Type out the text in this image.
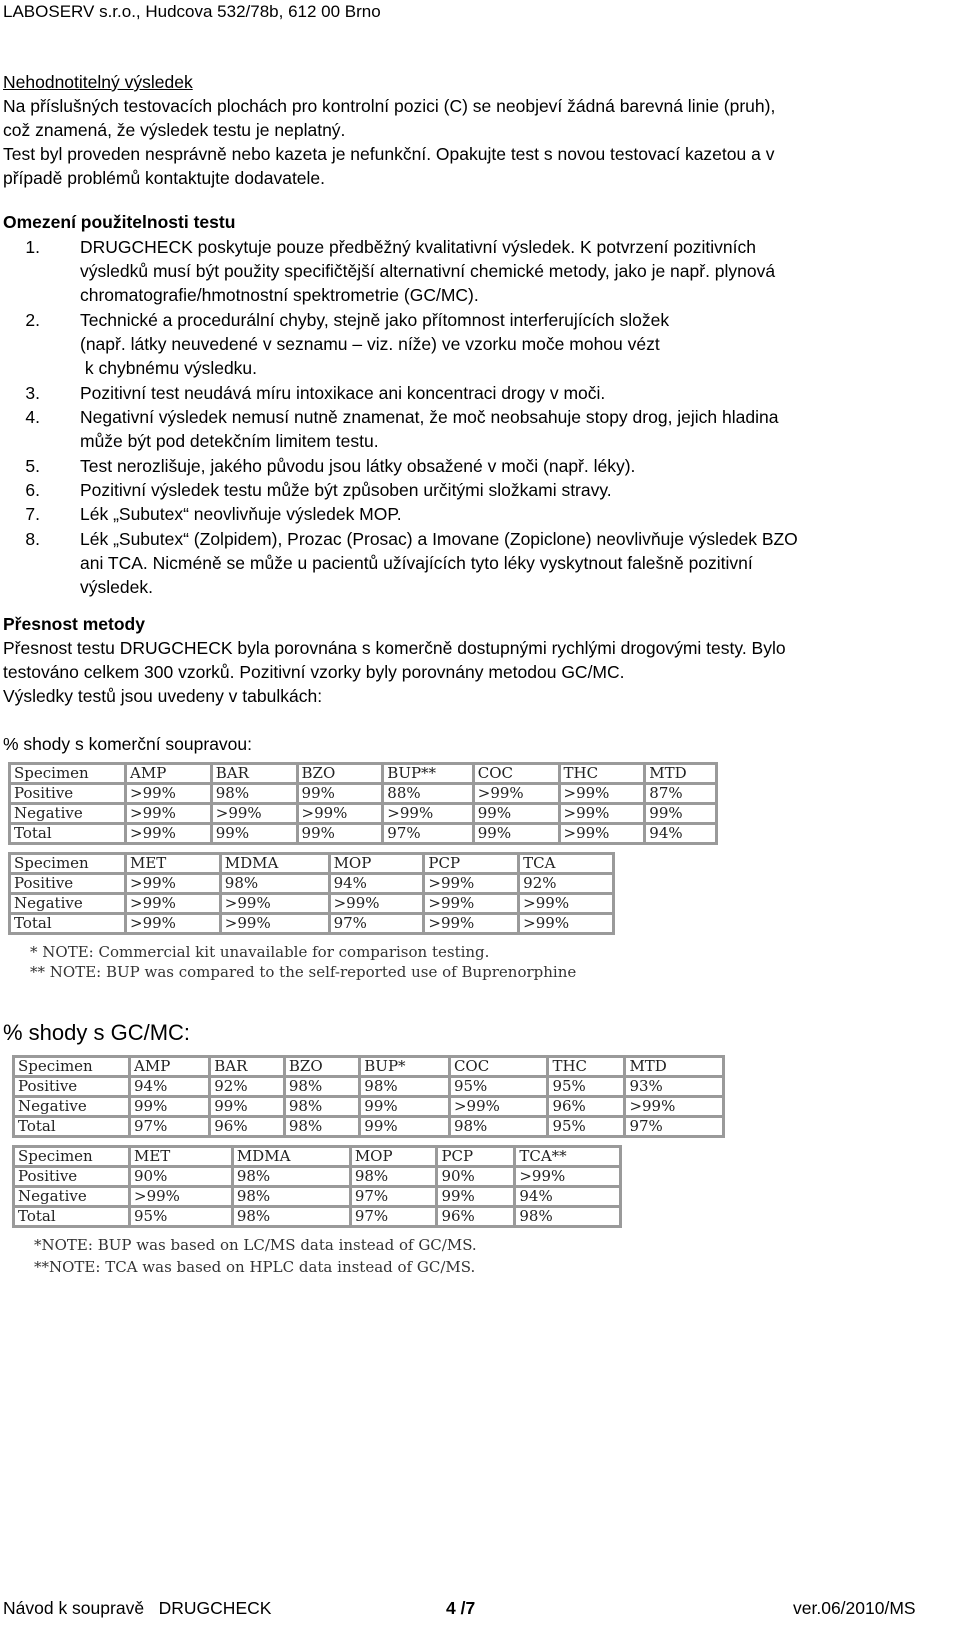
LABOSERV s.r.o., Hudcova 532/78b, 612 00 Brno
Nehodnotitelný výsledek
Na příslušných testovacích plochách pro kontrolní pozici (C) se neobjeví žádná barevná linie (pruh),
což znamená, že výsledek testu je neplatný.
Test byl proveden nesprávně nebo kazeta je nefunkční. Opakujte test s novou testovací kazetou a v
případě problémů kontaktujte dodavatele.
Omezení použitelnosti testu
1. DRUGCHECK poskytuje pouze předběžný kvalitativní výsledek. K potvrzení pozitivních
výsledků musí být použity specifičtější alternativní chemické metody, jako je např. plynová
chromatografie/hmotnostní spektrometrie (GC/MC).
2. Technické a procedurální chyby, stejně jako přítomnost interferujících složek
(např. látky neuvedené v seznamu – viz. níže) ve vzorku moče mohou vézt
k chybnému výsledku.
3. Pozitivní test neudává míru intoxikace ani koncentraci drogy v moči.
4. Negativní výsledek nemusí nutně znamenat, že moč neobsahuje stopy drog, jejich hladina
může být pod detekčním limitem testu.
5. Test nerozlišuje, jakého původu jsou látky obsažené v moči (např. léky).
6. Pozitivní výsledek testu může být způsoben určitými složkami stravy.
7. Lék „Subutex“ neovlivňuje výsledek MOP.
8. Lék „Subutex“ (Zolpidem), Prozac (Prosac) a Imovane (Zopiclone) neovlivňuje výsledek BZO
ani TCA. Nicméně se může u pacientů užívajících tyto léky vyskytnout falešně pozitivní
výsledek.
Přesnost metody
Přesnost testu DRUGCHECK byla porovnána s komerčně dostupnými rychlými drogovými testy. Bylo
testováno celkem 300 vzorků. Pozitivní vzorky byly porovnány metodou GC/MC.
Výsledky testů jsou uvedeny v tabulkách:
% shody s komerční soupravou:
Specimen	AMP	BAR	BZO	BUP**	COC	THC	MTD
Positive	>99%	98%	99%	88%	>99%	>99%	87%
Negative	>99%	>99%	>99%	>99%	99%	>99%	99%
Total	>99%	99%	99%	97%	99%	>99%	94%
Specimen	MET	MDMA	MOP	PCP	TCA
Positive	>99%	98%	94%	>99%	92%
Negative	>99%	>99%	>99%	>99%	>99%
Total	>99%	>99%	97%	>99%	>99%
* NOTE: Commercial kit unavailable for comparison testing.
** NOTE: BUP was compared to the self-reported use of Buprenorphine
% shody s GC/MC:
Specimen	AMP	BAR	BZO	BUP*	COC	THC	MTD
Positive	94%	92%	98%	98%	95%	95%	93%
Negative	99%	99%	98%	99%	>99%	96%	>99%
Total	97%	96%	98%	99%	98%	95%	97%
Specimen	MET	MDMA	MOP	PCP	TCA**
Positive	90%	98%	98%	90%	>99%
Negative	>99%	98%	97%	99%	94%
Total	95%	98%	97%	96%	98%
*NOTE: BUP was based on LC/MS data instead of GC/MS.
**NOTE: TCA was based on HPLC data instead of GC/MS.
Návod k soupravě   DRUGCHECK	4 /7	ver.06/2010/MS
